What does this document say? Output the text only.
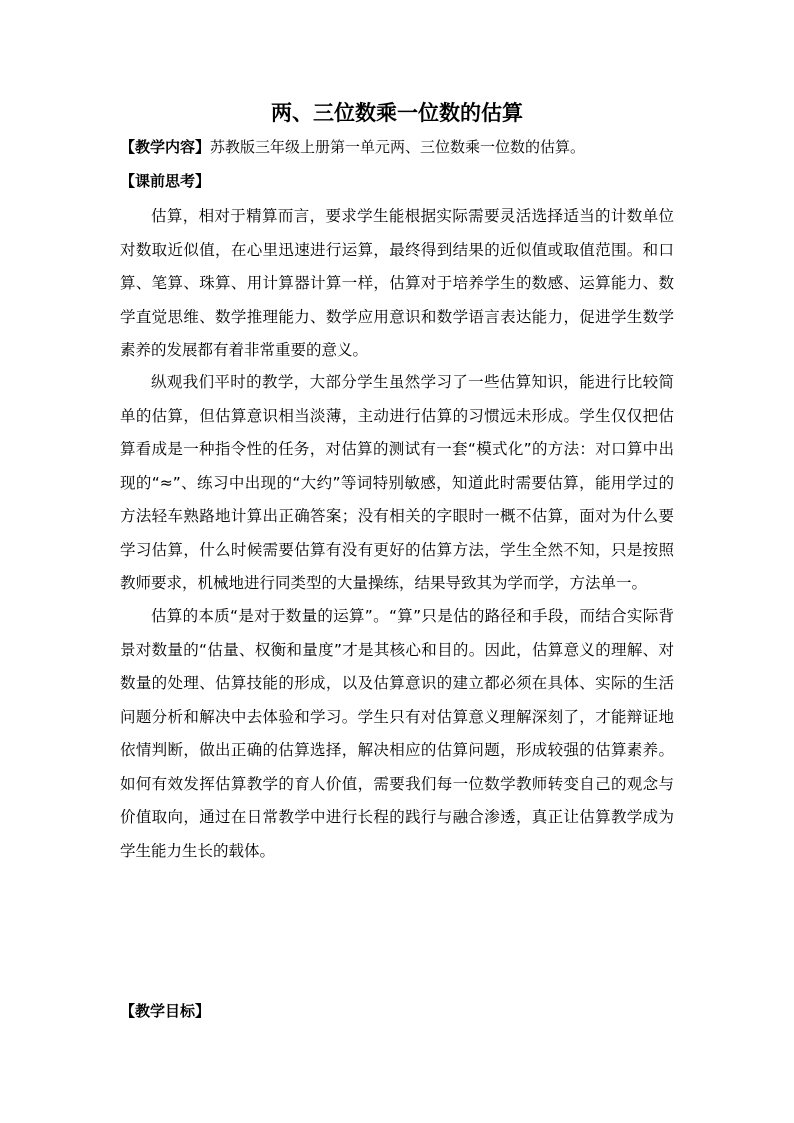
两、三位数乘一位数的估算
【教学内容】苏教版三年级上册第一单元两、三位数乘一位数的估算。
【课前思考】

估算，相对于精算而言，要求学生能根据实际需要灵活选择适当的计数单位对数取近似值，在心里迅速进行运算，最终得到结果的近似值或取值范围。和口算、笔算、珠算、用计算器计算一样，估算对于培养学生的数感、运算能力、数学直觉思维、数学推理能力、数学应用意识和数学语言表达能力，促进学生数学素养的发展都有着非常重要的意义。

纵观我们平时的教学，大部分学生虽然学习了一些估算知识，能进行比较简单的估算，但估算意识相当淡薄，主动进行估算的习惯远未形成。学生仅仅把估算看成是一种指令性的任务，对估算的测试有一套“模式化”的方法：对口算中出现的“≈”、练习中出现的“大约”等词特别敏感，知道此时需要估算，能用学过的方法轻车熟路地计算出正确答案；没有相关的字眼时一概不估算，面对为什么要学习估算，什么时候需要估算有没有更好的估算方法，学生全然不知，只是按照教师要求，机械地进行同类型的大量操练，结果导致其为学而学，方法单一。

估算的本质“是对于数量的运算”。“算”只是估的路径和手段，而结合实际背景对数量的“估量、权衡和量度”才是其核心和目的。因此，估算意义的理解、对数量的处理、估算技能的形成，以及估算意识的建立都必须在具体、实际的生活问题分析和解决中去体验和学习。学生只有对估算意义理解深刻了，才能辩证地依情判断，做出正确的估算选择，解决相应的估算问题，形成较强的估算素养。如何有效发挥估算教学的育人价值，需要我们每一位数学教师转变自己的观念与价值取向，通过在日常教学中进行长程的践行与融合渗透，真正让估算教学成为学生能力生长的载体。

【教学目标】
